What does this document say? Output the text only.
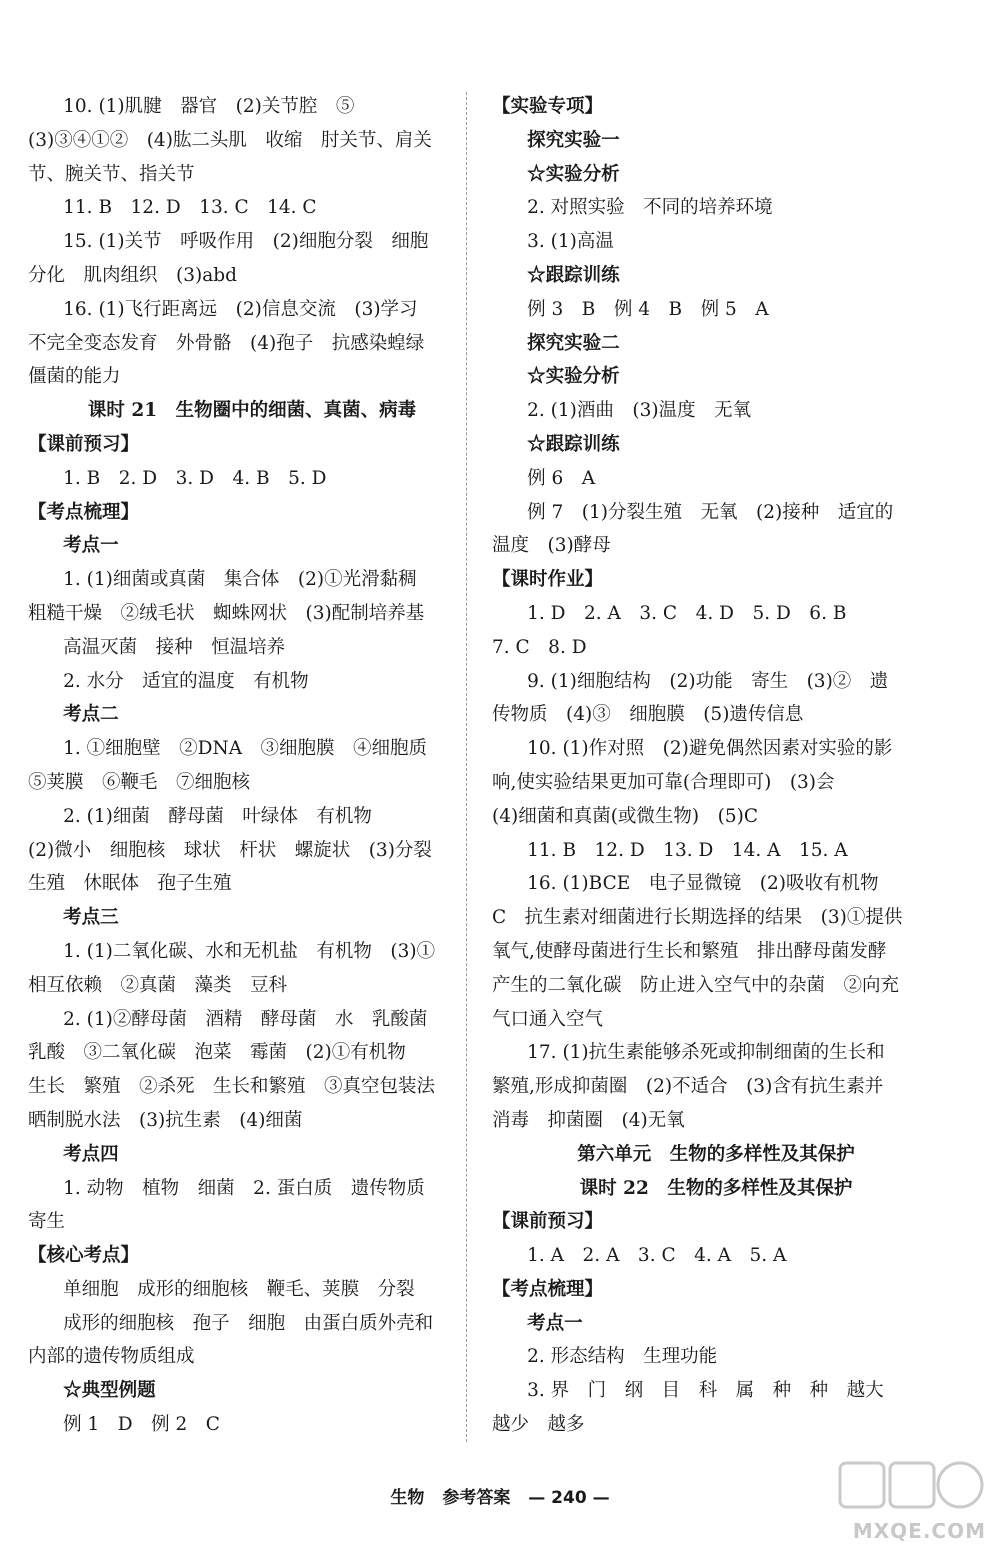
10. (1)肌腱　器官　(2)关节腔　⑤
(3)③④①②　(4)肱二头肌　收缩　肘关节、肩关
节、腕关节、指关节
11. B　12. D　13. C　14. C
15. (1)关节　呼吸作用　(2)细胞分裂　细胞
分化　肌肉组织　(3)abd
16. (1)飞行距离远　(2)信息交流　(3)学习
不完全变态发育　外骨骼　(4)孢子　抗感染蝗绿
僵菌的能力
课时 21　生物圈中的细菌、真菌、病毒
【课前预习】
1. B　2. D　3. D　4. B　5. D
【考点梳理】
考点一
1. (1)细菌或真菌　集合体　(2)①光滑黏稠
粗糙干燥　②绒毛状　蜘蛛网状　(3)配制培养基
高温灭菌　接种　恒温培养
2. 水分　适宜的温度　有机物
考点二
1. ①细胞壁　②DNA　③细胞膜　④细胞质
⑤荚膜　⑥鞭毛　⑦细胞核
2. (1)细菌　酵母菌　叶绿体　有机物
(2)微小　细胞核　球状　杆状　螺旋状　(3)分裂
生殖　休眠体　孢子生殖
考点三
1. (1)二氧化碳、水和无机盐　有机物　(3)①
相互依赖　②真菌　藻类　豆科
2. (1)②酵母菌　酒精　酵母菌　水　乳酸菌
乳酸　③二氧化碳　泡菜　霉菌　(2)①有机物
生长　繁殖　②杀死　生长和繁殖　③真空包装法
晒制脱水法　(3)抗生素　(4)细菌
考点四
1. 动物　植物　细菌　2. 蛋白质　遗传物质
寄生
【核心考点】
单细胞　成形的细胞核　鞭毛、荚膜　分裂
成形的细胞核　孢子　细胞　由蛋白质外壳和
内部的遗传物质组成
☆典型例题
例 1　D　例 2　C
【实验专项】
探究实验一
☆实验分析
2. 对照实验　不同的培养环境
3. (1)高温
☆跟踪训练
例 3　B　例 4　B　例 5　A
探究实验二
☆实验分析
2. (1)酒曲　(3)温度　无氧
☆跟踪训练
例 6　A
例 7　(1)分裂生殖　无氧　(2)接种　适宜的
温度　(3)酵母
【课时作业】
1. D　2. A　3. C　4. D　5. D　6. B
7. C　8. D
9. (1)细胞结构　(2)功能　寄生　(3)②　遗
传物质　(4)③　细胞膜　(5)遗传信息
10. (1)作对照　(2)避免偶然因素对实验的影
响,使实验结果更加可靠(合理即可)　(3)会
(4)细菌和真菌(或微生物)　(5)C
11. B　12. D　13. D　14. A　15. A
16. (1)BCE　电子显微镜　(2)吸收有机物
C　抗生素对细菌进行长期选择的结果　(3)①提供
氧气,使酵母菌进行生长和繁殖　排出酵母菌发酵
产生的二氧化碳　防止进入空气中的杂菌　②向充
气口通入空气
17. (1)抗生素能够杀死或抑制细菌的生长和
繁殖,形成抑菌圈　(2)不适合　(3)含有抗生素并
消毒　抑菌圈　(4)无氧
第六单元　生物的多样性及其保护
课时 22　生物的多样性及其保护
【课前预习】
1. A　2. A　3. C　4. A　5. A
【考点梳理】
考点一
2. 形态结构　生理功能
3. 界　门　纲　目　科　属　种　种　越大
越少　越多
生物 参考答案 — 240 —
MXQE.COM
